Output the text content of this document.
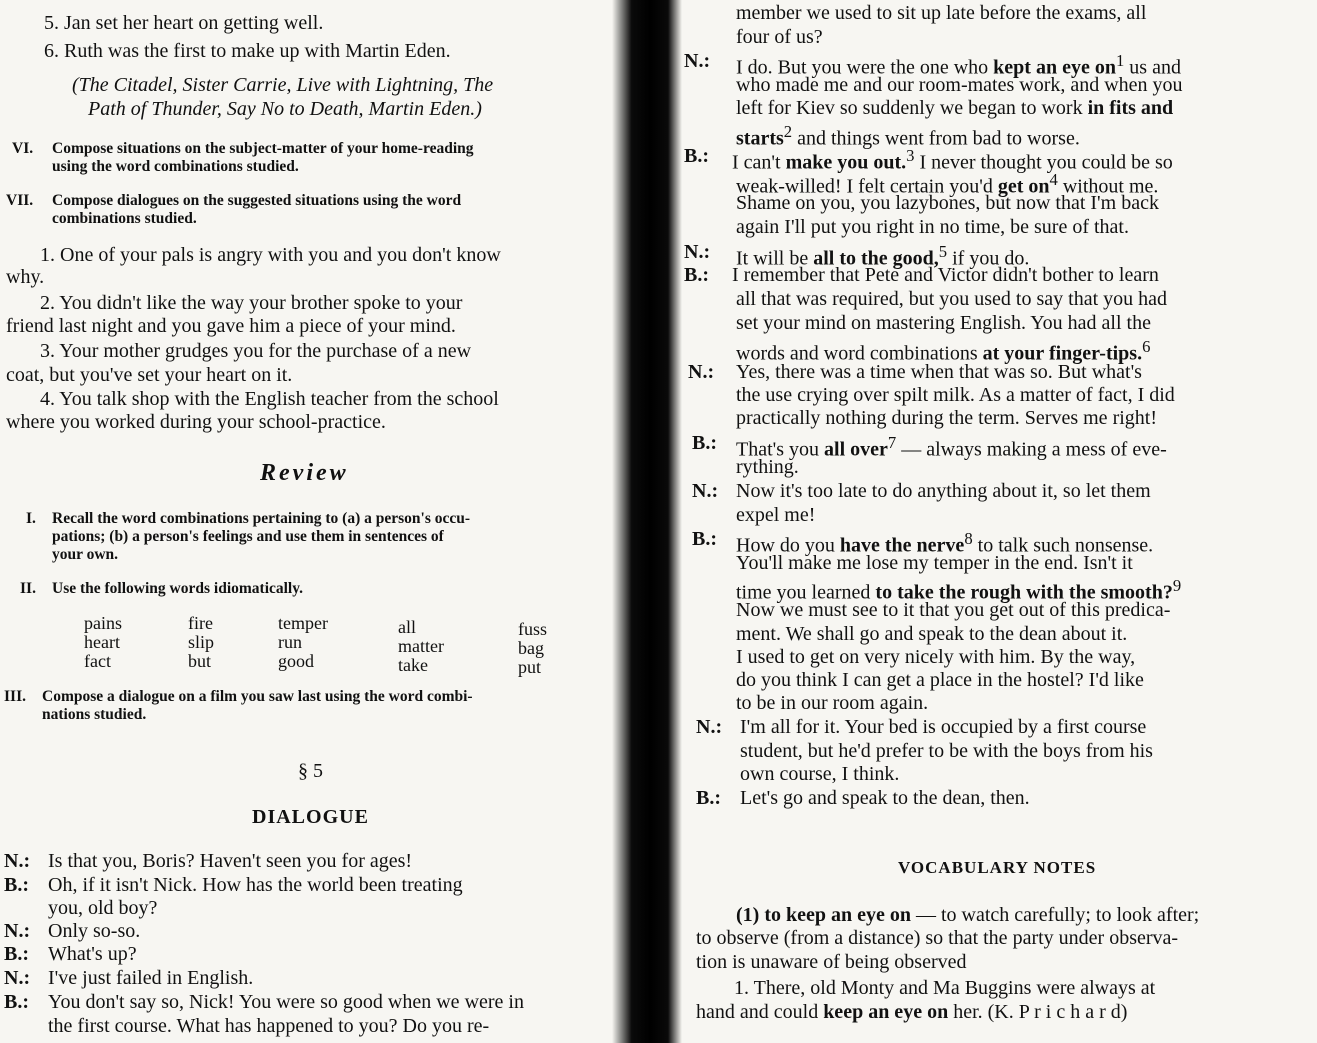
5. Jan set her heart on getting well.
6. Ruth was the first to make up with Martin Eden.
(The Citadel, Sister Carrie, Live with Lightning, The
Path of Thunder, Say No to Death, Martin Eden.)
VI. Compose situations on the subject-matter of your home-reading
using the word combinations studied.
VII. Compose dialogues on the suggested situations using the word
combinations studied.
1. One of your pals is angry with you and you don't know
why.
2. You didn't like the way your brother spoke to your
friend last night and you gave him a piece of your mind.
3. Your mother grudges you for the purchase of a new
coat, but you've set your heart on it.
4. You talk shop with the English teacher from the school
where you worked during your school-practice.
Review
I. Recall the word combinations pertaining to (a) a person's occu-
pations; (b) a person's feelings and use them in sentences of
your own.
II. Use the following words idiomatically.
pains
heart
fact
fire
slip
but
temper
run
good
all
matter
take
fuss
bag
put
III. Compose a dialogue on a film you saw last using the word combi-
nations studied.
§ 5
DIALOGUE
N.: Is that you, Boris? Haven't seen you for ages!
B.: Oh, if it isn't Nick. How has the world been treating
you, old boy?
N.: Only so-so.
B.: What's up?
N.: I've just failed in English.
B.: You don't say so, Nick! You were so good when we were in
the first course. What has happened to you? Do you re-
member we used to sit up late before the exams, all
four of us?
N.: I do. But you were the one who kept an eye $on^1$ us and
who made me and our room-mates work, and when you
left for Kiev so suddenly we began to work in fits and
starts$^2$ and things went from bad to worse.
B.: I can't make you out.$^3$ I never thought you could be so
weak-willed! I felt certain you'd get $on^4$ without me.
Shame on you, you lazybones, but now that I'm back
again I'll put you right in no time, be sure of that.
N.: It will be all to the good,$^5$ if you do.
B.: I remember that Pete and Victor didn't bother to learn
all that was required, but you used to say that you had
set your mind on mastering English. You had all the
words and word combinations at your finger-tips.$^6$
N.: Yes, there was a time when that was so. But what's
the use crying over spilt milk. As a matter of fact, I did
practically nothing during the term. Serves me right!
B.: That's you all over$^7$ — always making a mess of eve-
rything.
N.: Now it's too late to do anything about it, so let them
expel me!
B.: How do you have the nerve$^8$ to talk such nonsense.
You'll make me lose my temper in the end. Isn't it
time you learned to take the rough with the smooth?$^9$
Now we must see to it that you get out of this predica-
ment. We shall go and speak to the dean about it.
I used to get on very nicely with him. By the way,
do you think I can get a place in the hostel? I'd like
to be in our room again.
N.: I'm all for it. Your bed is occupied by a first course
student, but he'd prefer to be with the boys from his
own course, I think.
B.: Let's go and speak to the dean, then.
VOCABULARY NOTES
(1) to keep an eye on — to watch carefully; to look after;
to observe (from a distance) so that the party under observa-
tion is unaware of being observed
1. There, old Monty and Ma Buggins were always at
hand and could keep an eye on her. (K. P r i c h a r d)
